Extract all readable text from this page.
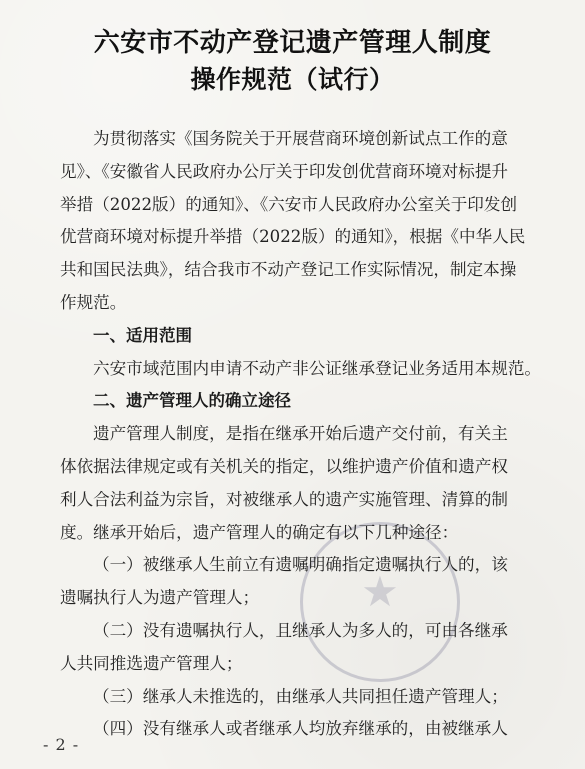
六安市不动产登记遗产管理人制度
操作规范（试行）
★
为贯彻落实《国务院关于开展营商环境创新试点工作的意
见》、《安徽省人民政府办公厅关于印发创优营商环境对标提升
举措（2022版）的通知》、《六安市人民政府办公室关于印发创
优营商环境对标提升举措（2022版）的通知》，根据《中华人民
共和国民法典》，结合我市不动产登记工作实际情况，制定本操
作规范。
一、适用范围
六安市域范围内申请不动产非公证继承登记业务适用本规范。
二、遗产管理人的确立途径
遗产管理人制度，是指在继承开始后遗产交付前，有关主
体依据法律规定或有关机关的指定，以维护遗产价值和遗产权
利人合法利益为宗旨，对被继承人的遗产实施管理、清算的制
度。继承开始后，遗产管理人的确定有以下几种途径：
（一）被继承人生前立有遗嘱明确指定遗嘱执行人的，该
遗嘱执行人为遗产管理人；
（二）没有遗嘱执行人，且继承人为多人的，可由各继承
人共同推选遗产管理人；
（三）继承人未推选的，由继承人共同担任遗产管理人；
（四）没有继承人或者继承人均放弃继承的，由被继承人
- 2 -
